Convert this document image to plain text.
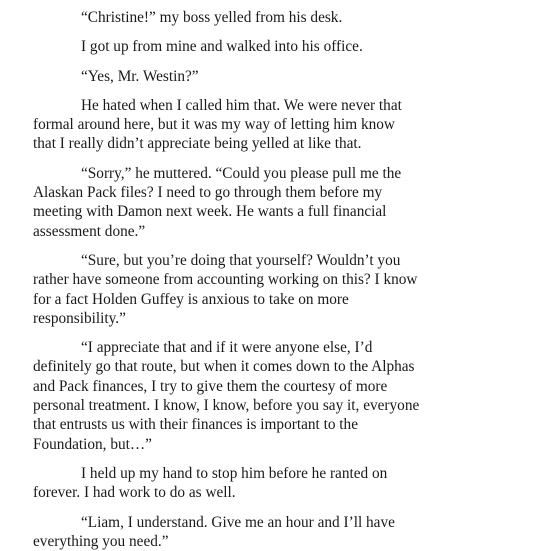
“Christine!” my boss yelled from his desk.

I got up from mine and walked into his office.

“Yes, Mr. Westin?”

He hated when I called him that. We were never that
formal around here, but it was my way of letting him know
that I really didn’t appreciate being yelled at like that.

“Sorry,” he muttered. “Could you please pull me the
Alaskan Pack files? I need to go through them before my
meeting with Damon next week. He wants a full financial
assessment done.”

“Sure, but you’re doing that yourself? Wouldn’t you
rather have someone from accounting working on this? I know
for a fact Holden Guffey is anxious to take on more
responsibility.”

“I appreciate that and if it were anyone else, I’d
definitely go that route, but when it comes down to the Alphas
and Pack finances, I try to give them the courtesy of more
personal treatment. I know, I know, before you say it, everyone
that entrusts us with their finances is important to the
Foundation, but…”

I held up my hand to stop him before he ranted on
forever. I had work to do as well.

“Liam, I understand. Give me an hour and I’ll have
everything you need.”
